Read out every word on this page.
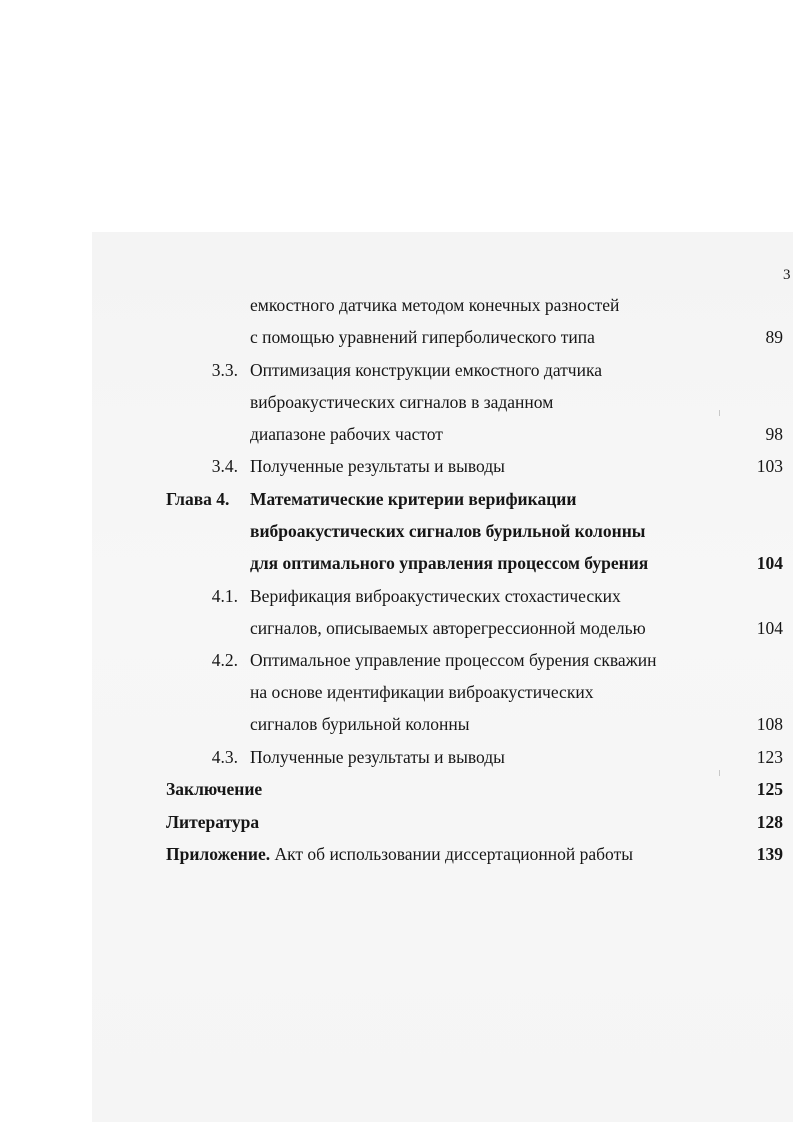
3
емкостного датчика методом конечных разностей
с помощью уравнений гиперболического типа	89
3.3. Оптимизация конструкции емкостного датчика
виброакустических сигналов в заданном
диапазоне рабочих частот	98
3.4. Полученные результаты и выводы	103
Глава 4. Математические критерии верификации
виброакустических сигналов бурильной колонны
для оптимального управления процессом бурения	104
4.1. Верификация виброакустических стохастических
сигналов, описываемых авторегрессионной моделью	104
4.2. Оптимальное управление процессом бурения скважин
на основе идентификации виброакустических
сигналов бурильной колонны	108
4.3. Полученные результаты и выводы	123
Заключение	125
Литература	128
Приложение. Акт об использовании диссертационной работы	139
